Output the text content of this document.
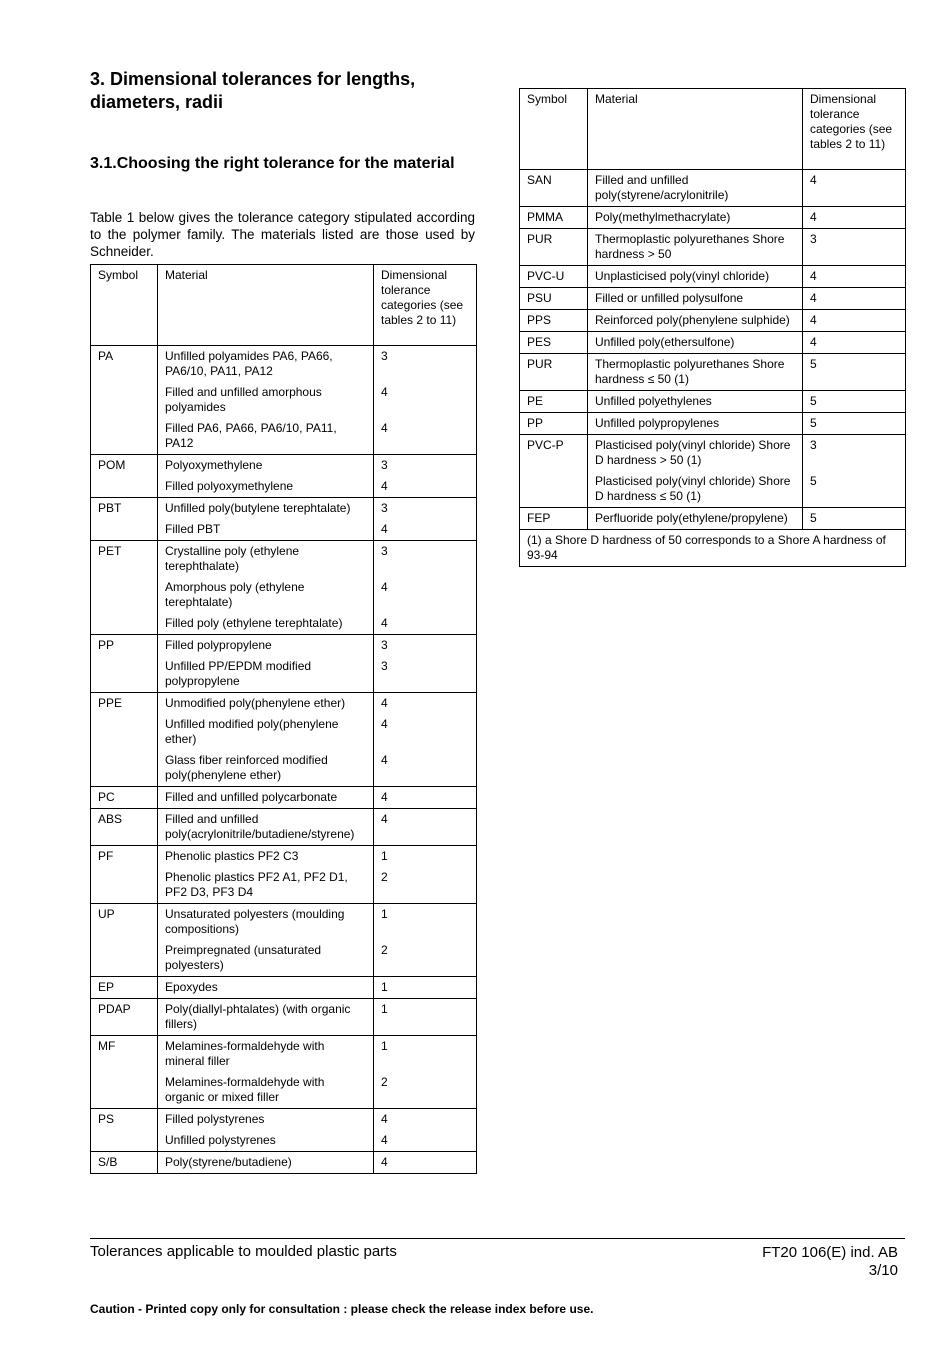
3. Dimensional tolerances for lengths, diameters, radii
3.1.Choosing the right tolerance for the material

Table 1 below gives the tolerance category stipulated according to the polymer family. The materials listed are those used by Schneider.

Symbol	Material	Dimensional tolerance categories (see tables 2 to 11)
PA	Unfilled polyamides PA6, PA66, PA6/10, PA11, PA12	3
	Filled and unfilled amorphous polyamides	4
	Filled PA6, PA66, PA6/10, PA11, PA12	4
POM	Polyoxymethylene	3
	Filled polyoxymethylene	4
PBT	Unfilled poly(butylene terephtalate)	3
	Filled PBT	4
PET	Crystalline poly (ethylene terephthalate)	3
	Amorphous poly (ethylene terephtalate)	4
	Filled poly (ethylene terephtalate)	4
PP	Filled polypropylene	3
	Unfilled PP/EPDM modified polypropylene	3
PPE	Unmodified poly(phenylene ether)	4
	Unfilled modified poly(phenylene ether)	4
	Glass fiber reinforced modified poly(phenylene ether)	4
PC	Filled and unfilled polycarbonate	4
ABS	Filled and unfilled poly(acrylonitrile/butadiene/styrene)	4
PF	Phenolic plastics PF2 C3	1
	Phenolic plastics PF2 A1, PF2 D1, PF2 D3, PF3 D4	2
UP	Unsaturated polyesters (moulding compositions)	1
	Preimpregnated (unsaturated polyesters)	2
EP	Epoxydes	1
PDAP	Poly(diallyl-phtalates) (with organic fillers)	1
MF	Melamines-formaldehyde with mineral filler	1
	Melamines-formaldehyde with organic or mixed filler	2
PS	Filled polystyrenes	4
	Unfilled polystyrenes	4
S/B	Poly(styrene/butadiene)	4
Symbol	Material	Dimensional tolerance categories (see tables 2 to 11)
SAN	Filled and unfilled poly(styrene/acrylonitrile)	4
PMMA	Poly(methylmethacrylate)	4
PUR	Thermoplastic polyurethanes Shore hardness > 50	3
PVC-U	Unplasticised poly(vinyl chloride)	4
PSU	Filled or unfilled polysulfone	4
PPS	Reinforced poly(phenylene sulphide)	4
PES	Unfilled poly(ethersulfone)	4
PUR	Thermoplastic polyurethanes Shore hardness ≤ 50 (1)	5
PE	Unfilled polyethylenes	5
PP	Unfilled polypropylenes	5
PVC-P	Plasticised poly(vinyl chloride) Shore D hardness > 50 (1)	3
	Plasticised poly(vinyl chloride) Shore D hardness ≤ 50 (1)	5
FEP	Perfluoride poly(ethylene/propylene)	5
(1) a Shore D hardness of 50 corresponds to a Shore A hardness of 93-94		
Tolerances applicable to moulded plastic parts	FT20 106(E) ind. AB
3/10
Caution - Printed copy only for consultation : please check the release index before use.
